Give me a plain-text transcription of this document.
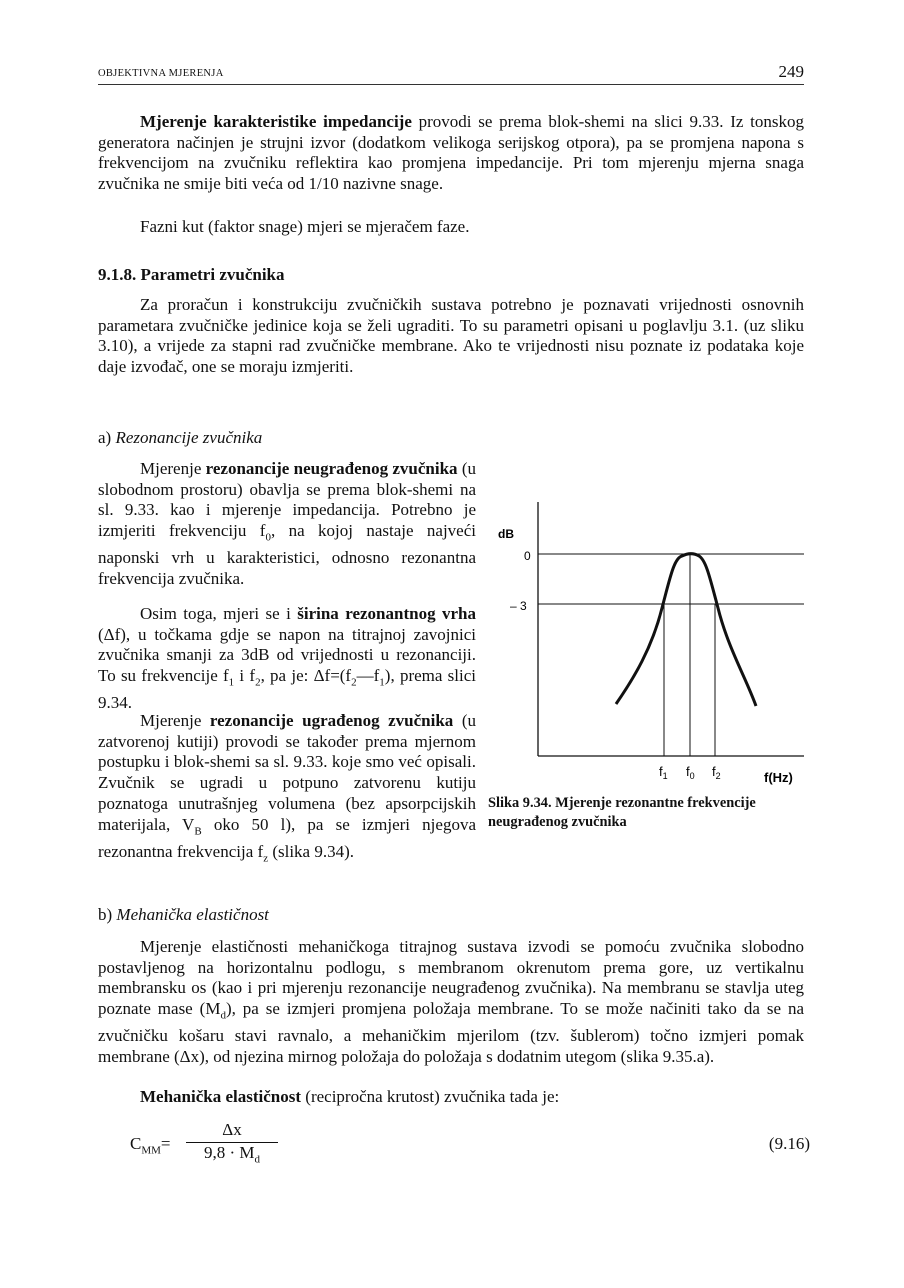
OBJEKTIVNA MJERENJA	249

Mjerenje karakteristike impedancije provodi se prema blok-shemi na slici 9.33. Iz tonskog generatora načinjen je strujni izvor (dodatkom velikoga serijskog otpora), pa se promjena napona s frekvencijom na zvučniku reflektira kao promjena impedancije. Pri tom mjerenju mjerna snaga zvučnika ne smije biti veća od 1/10 nazivne snage.

Fazni kut (faktor snage) mjeri se mjeračem faze.

9.1.8. Parametri zvučnika

Za proračun i konstrukciju zvučničkih sustava potrebno je poznavati vrijednosti osnovnih parametara zvučničke jedinice koja se želi ugraditi. To su parametri opisani u poglavlju 3.1. (uz sliku 3.10), a vrijede za stapni rad zvučničke membrane. Ako te vrijednosti nisu poznate iz podataka koje daje izvođač, one se moraju izmjeriti.

a) Rezonancije zvučnika

Mjerenje rezonancije neugrađenog zvučnika (u slobodnom prostoru) obavlja se prema blok-shemi na sl. 9.33. kao i mjerenje impedancija. Potrebno je izmjeriti frekvenciju $f_0$, na kojoj nastaje najveći naponski vrh u karakteristici, odnosno rezonantna frekvencija zvučnika.

Osim toga, mjeri se i širina rezonantnog vrha (Δf), u točkama gdje se napon na titrajnoj zavojnici zvučnika smanji za 3dB od vrijednosti u rezonanciji. To su frekvencije $f_1$ i $f_2$, pa je: $\Delta f=(f_2—f_1)$, prema slici 9.34.

Mjerenje rezonancije ugrađenog zvučnika (u zatvorenoj kutiji) provodi se također prema mjernom postupku i blok-shemi sa sl. 9.33. koje smo već opisali. Zvučnik se ugradi u potpuno zatvorenu kutiju poznatoga unutrašnjeg volumena (bez apsorpcijskih materijala, $V_B$ oko 50 l), pa se izmjeri njegova rezonantna frekvencija $f_z$ (slika 9.34).

dB
0
– 3
$f_1$ $f_0$ $f_2$	f(Hz)
Slika 9.34. Mjerenje rezonantne frekvencije neugrađenog zvučnika
b) Mehanička elastičnost

Mjerenje elastičnosti mehaničkoga titrajnog sustava izvodi se pomoću zvučnika slobodno postavljenog na horizontalnu podlogu, s membranom okrenutom prema gore, uz vertikalnu membransku os (kao i pri mjerenju rezonancije neugrađenog zvučnika). Na membranu se stavlja uteg poznate mase $(M_d)$, pa se izmjeri promjena položaja membrane. To se može načiniti tako da se na zvučničku košaru stavi ravnalo, a mehaničkim mjerilom (tzv. šublerom) točno izmjeri pomak membrane (Δx), od njezina mirnog položaja do položaja s dodatnim utegom (slika 9.35.a).

Mehanička elastičnost (recipročna krutost) zvučnika tada je:

$C_{MM}= \frac{\Delta x}{9,8 \cdot M_d}$	(9.16)
